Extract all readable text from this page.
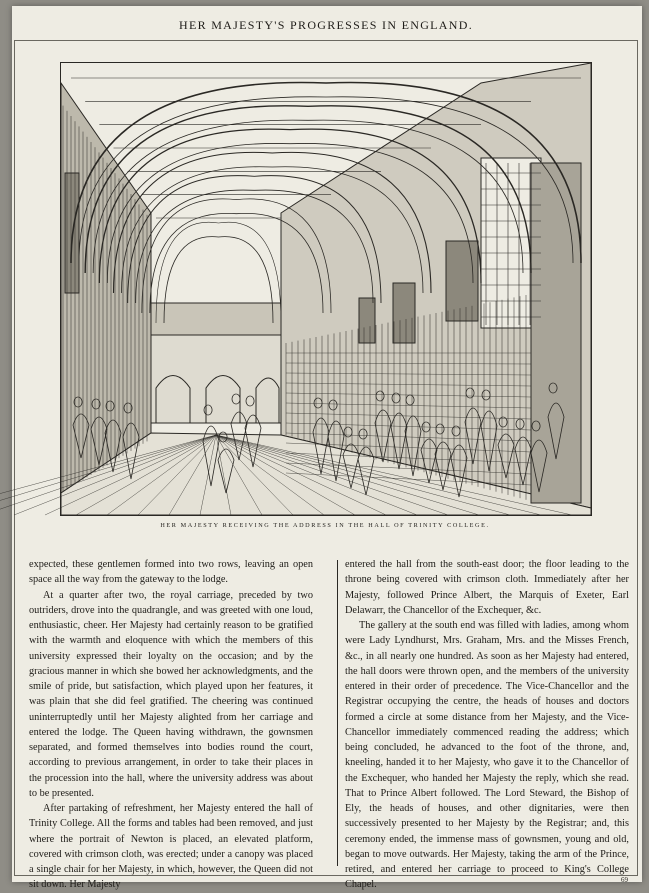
HER MAJESTY'S PROGRESSES IN ENGLAND.
HER MAJESTY RECEIVING THE ADDRESS IN THE HALL OF TRINITY COLLEGE.

expected, these gentlemen formed into two rows, leaving an open space all the way from the gateway to the lodge.

At a quarter after two, the royal carriage, preceded by two outriders, drove into the quadrangle, and was greeted with one loud, enthusiastic, cheer. Her Majesty had certainly reason to be gratified with the warmth and eloquence with which the members of this university expressed their loyalty on the occasion; and by the gracious manner in which she bowed her acknowledgments, and the smile of pride, but satisfaction, which played upon her features, it was plain that she did feel gratified. The cheering was continued uninterruptedly until her Majesty alighted from her carriage and entered the lodge. The Queen having withdrawn, the gownsmen separated, and formed themselves into bodies round the court, according to previous arrangement, in order to take their places in the procession into the hall, where the university address was about to be presented.

After partaking of refreshment, her Majesty entered the hall of Trinity College. All the forms and tables had been removed, and just where the portrait of Newton is placed, an elevated platform, covered with crimson cloth, was erected; under a canopy was placed a single chair for her Majesty, in which, however, the Queen did not sit down. Her Majesty

entered the hall from the south-east door; the floor leading to the throne being covered with crimson cloth. Immediately after her Majesty, followed Prince Albert, the Marquis of Exeter, Earl Delawarr, the Chancellor of the Exchequer, &c.

The gallery at the south end was filled with ladies, among whom were Lady Lyndhurst, Mrs. Graham, Mrs. and the Misses French, &c., in all nearly one hundred. As soon as her Majesty had entered, the hall doors were thrown open, and the members of the university entered in their order of precedence. The Vice-Chancellor and the Registrar occupying the centre, the heads of houses and doctors formed a circle at some distance from her Majesty, and the Vice-Chancellor immediately commenced reading the address; which being concluded, he advanced to the foot of the throne, and, kneeling, handed it to her Majesty, who gave it to the Chancellor of the Exchequer, who handed her Majesty the reply, which she read. That to Prince Albert followed. The Lord Steward, the Bishop of Ely, the heads of houses, and other dignitaries, were then successively presented to her Majesty by the Registrar; and, this ceremony ended, the immense mass of gownsmen, young and old, began to move outwards. Her Majesty, taking the arm of the Prince, retired, and entered her carriage to proceed to King's College Chapel.	69
